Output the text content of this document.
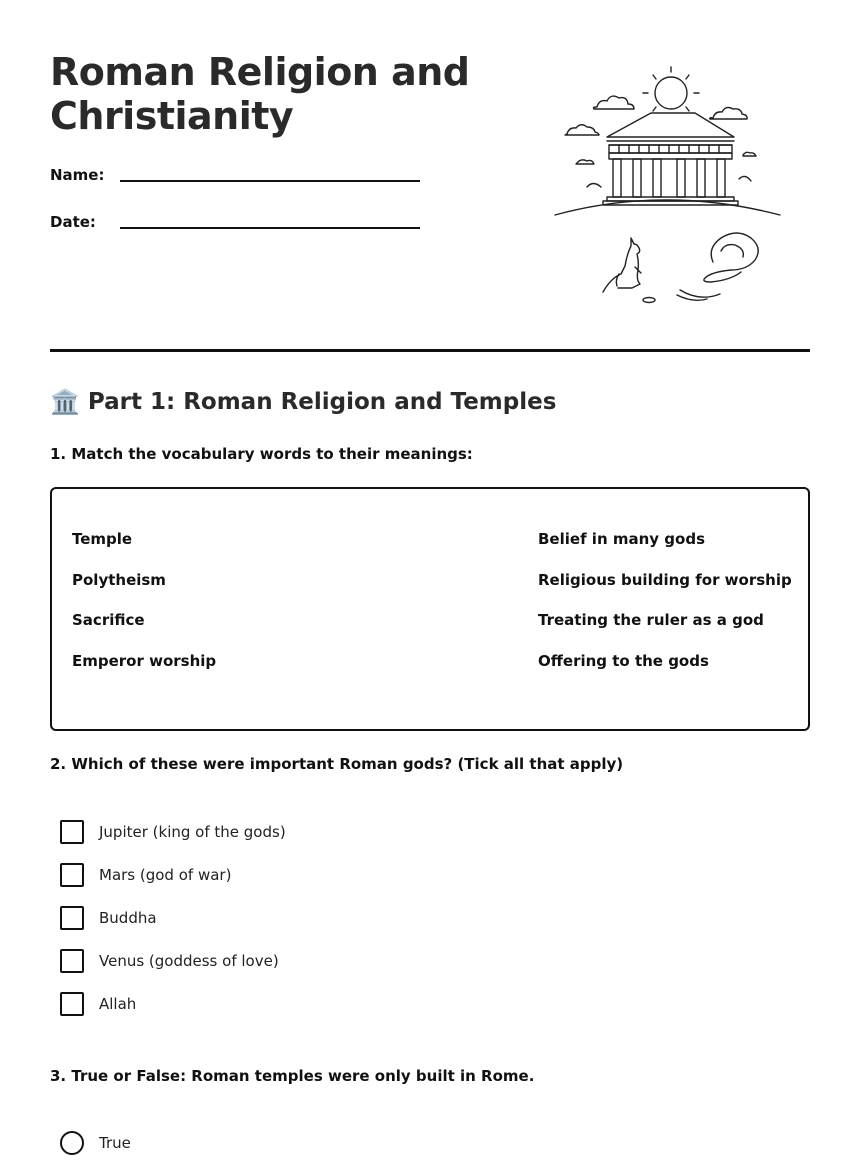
Roman Religion and Christianity
Name:
Date:
🏛️ Part 1: Roman Religion and Temples

1. Match the vocabulary words to their meanings:

Temple
Polytheism
Sacrifice
Emperor worship
Belief in many gods
Religious building for worship
Treating the ruler as a god
Offering to the gods

2. Which of these were important Roman gods? (Tick all that apply)

Jupiter (king of the gods)
Mars (god of war)
Buddha
Venus (goddess of love)
Allah

3. True or False: Roman temples were only built in Rome.

True
